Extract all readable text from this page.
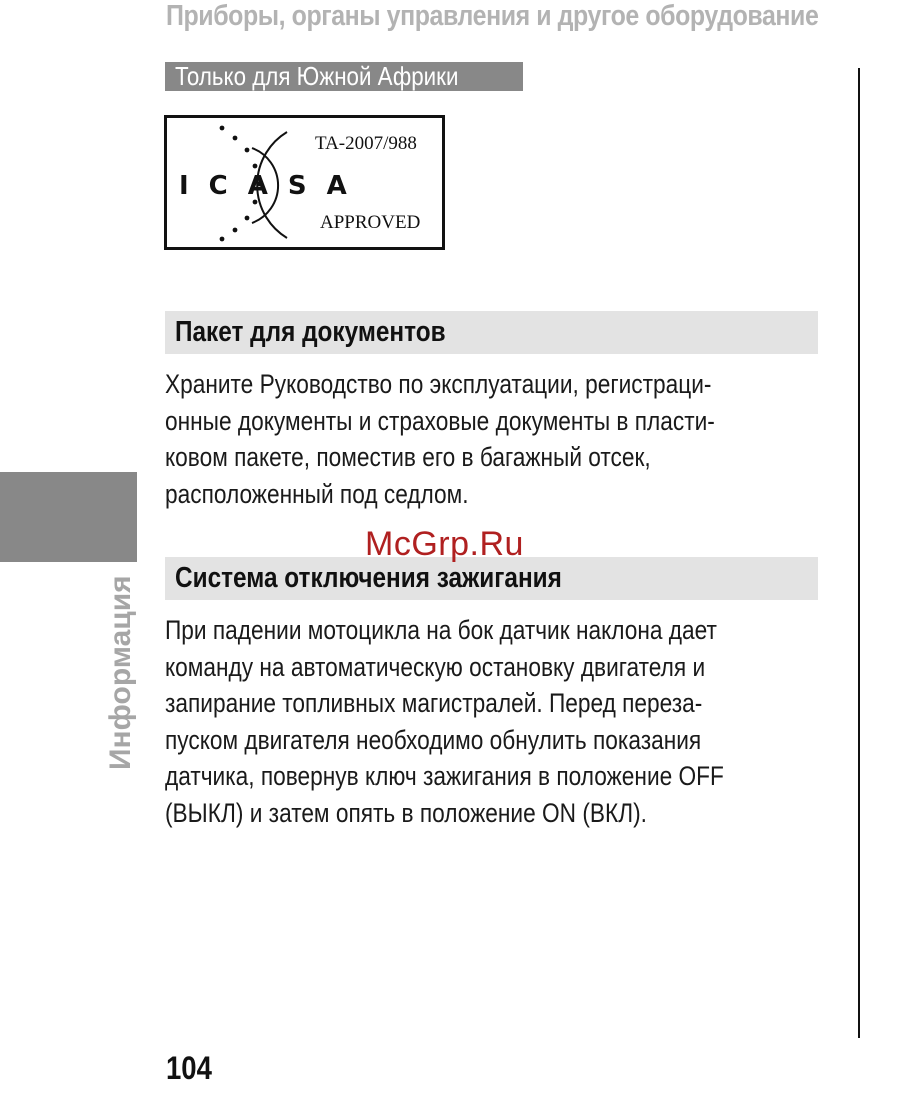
Приборы, органы управления и другое оборудование
Только для Южной Африки
ICASA
TA-2007/988
APPROVED
Пакет для документов
Храните Руководство по эксплуатации, регистраци-
онные документы и страховые документы в пласти-
ковом пакете, поместив его в багажный отсек,
расположенный под седлом.
Информация	Система отключения зажигания
При падении мотоцикла на бок датчик наклона дает
команду на автоматическую остановку двигателя и
запирание топливных магистралей. Перед переза-
пуском двигателя необходимо обнулить показания
датчика, повернув ключ зажигания в положение OFF
(ВЫКЛ) и затем опять в положение ON (ВКЛ).
McGrp.Ru
104
